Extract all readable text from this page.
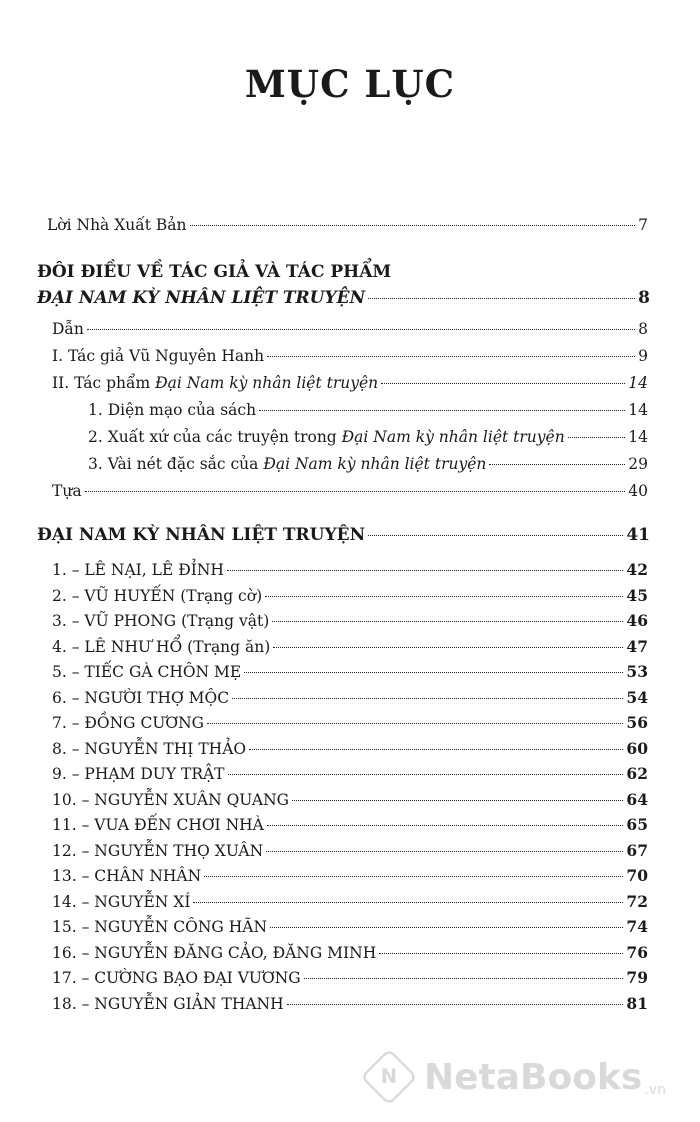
MỤC LỤC
Lời Nhà Xuất Bản	7
ĐÔI ĐIỀU VỀ TÁC GIẢ VÀ TÁC PHẨM
ĐẠI NAM KỲ NHÂN LIỆT TRUYỆN	8
Dẫn	8
I. Tác giả Vũ Nguyên Hanh	9
II. Tác phẩm Đại Nam kỳ nhân liệt truyện	14
1. Diện mạo của sách	14
2. Xuất xứ của các truyện trong Đại Nam kỳ nhân liệt truyện	14
3. Vài nét đặc sắc của Đại Nam kỳ nhân liệt truyện	29
Tựa	40
ĐẠI NAM KỲ NHÂN LIỆT TRUYỆN	41
1. – LÊ NẠI, LÊ ĐỈNH	42
2. – VŨ HUYẾN (Trạng cờ)	45
3. – VŨ PHONG (Trạng vật)	46
4. – LÊ NHƯ HỔ (Trạng ăn)	47
5. – TIẾC GÀ CHÔN MẸ	53
6. – NGƯỜI THỢ MỘC	54
7. – ĐỒNG CƯƠNG	56
8. – NGUYỄN THỊ THẢO	60
9. – PHẠM DUY TRẬT	62
10. – NGUYỄN XUÂN QUANG	64
11. – VUA ĐẾN CHƠI NHÀ	65
12. – NGUYỄN THỌ XUÂN	67
13. – CHÂN NHÂN	70
14. – NGUYỄN XÍ	72
15. – NGUYỄN CÔNG HÃN	74
16. – NGUYỄN ĐĂNG CẢO, ĐĂNG MINH	76
17. – CƯỜNG BẠO ĐẠI VƯƠNG	79
18. – NGUYỄN GIẢN THANH	81
N NetaBooks .vn
